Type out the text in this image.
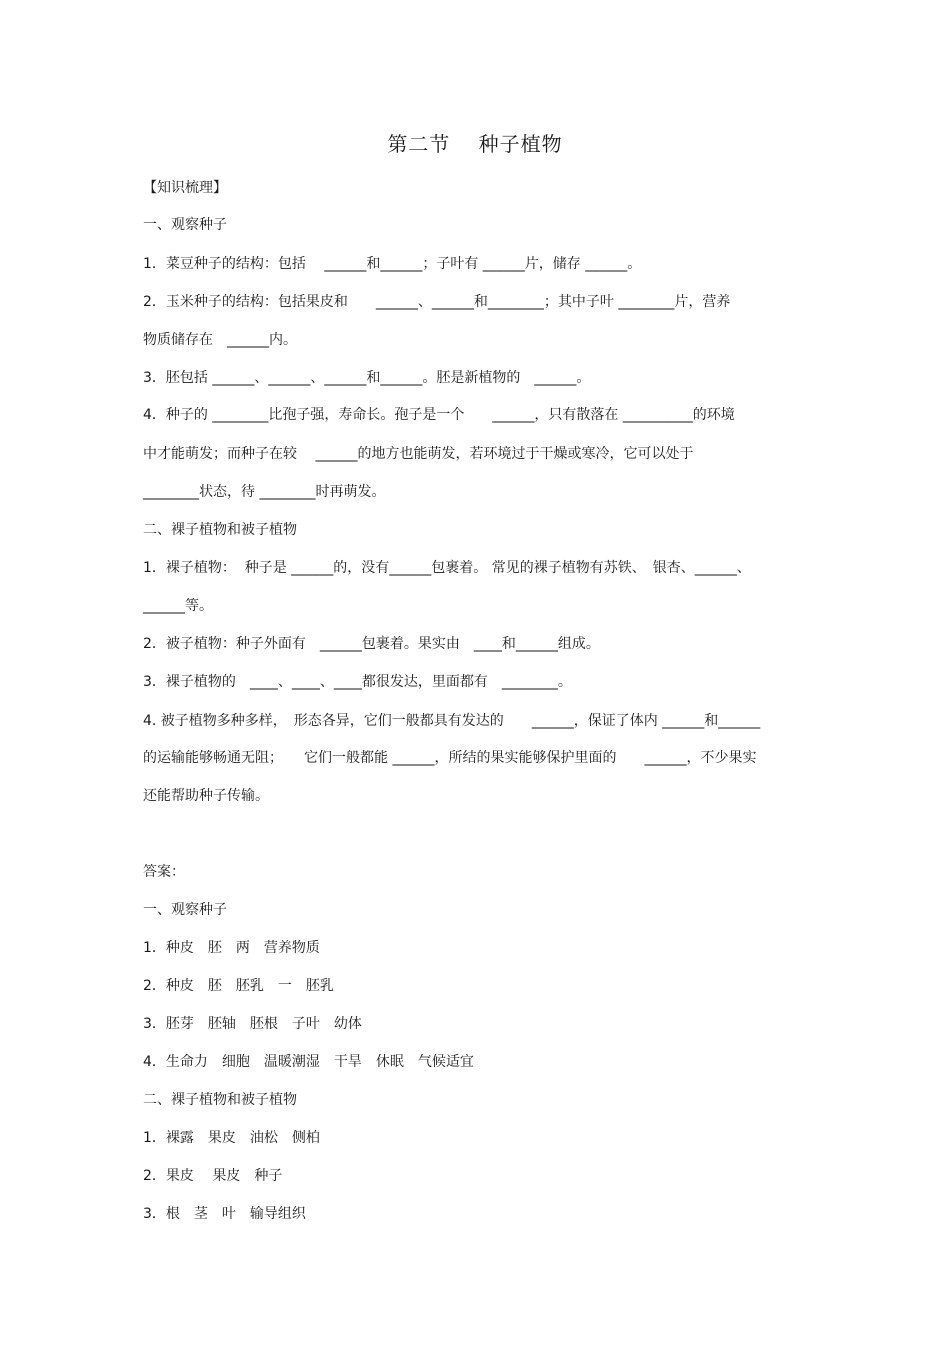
第二节　 种子植物
【知识梳理】
一、观察种子
1．菜豆种子的结构：包括　 ______和______；子叶有 ______片，储存 ______。
2．玉米种子的结构：包括果皮和　　______、______和________；其中子叶 ________片，营养
物质储存在　______内。
3．胚包括 ______、______、______和______。胚是新植物的　______。
4．种子的 ________比孢子强，寿命长。孢子是一个　　______，只有散落在 __________的环境
中才能萌发；而种子在较　 ______的地方也能萌发，若环境过于干燥或寒冷，它可以处于
________状态，待 ________时再萌发。
二、裸子植物和被子植物
1．裸子植物：  种子是 ______的，没有______包裹着。 常见的裸子植物有苏铁、　银杏、______、
______等。
2．被子植物：种子外面有　______包裹着。果实由　____和______组成。
3．裸子植物的　____、____、____都很发达，里面都有　________。
4. 被子植物多种多样，　形态各异，它们一般都具有发达的　　______，保证了体内 ______和______
的运输能够畅通无阻；　　它们一般都能 ______，所结的果实能够保护里面的　　______，不少果实
还能帮助种子传输。
答案：
一、观察种子
1．种皮　胚　两　营养物质
2．种皮　胚　胚乳　一　胚乳
3．胚芽　胚轴　胚根　子叶　幼体
4．生命力　细胞　温暖潮湿　干旱　休眠　气候适宜
二、裸子植物和被子植物
1．裸露　果皮　油松　侧柏
2．果皮　 果皮　种子
3．根　茎　叶　输导组织
